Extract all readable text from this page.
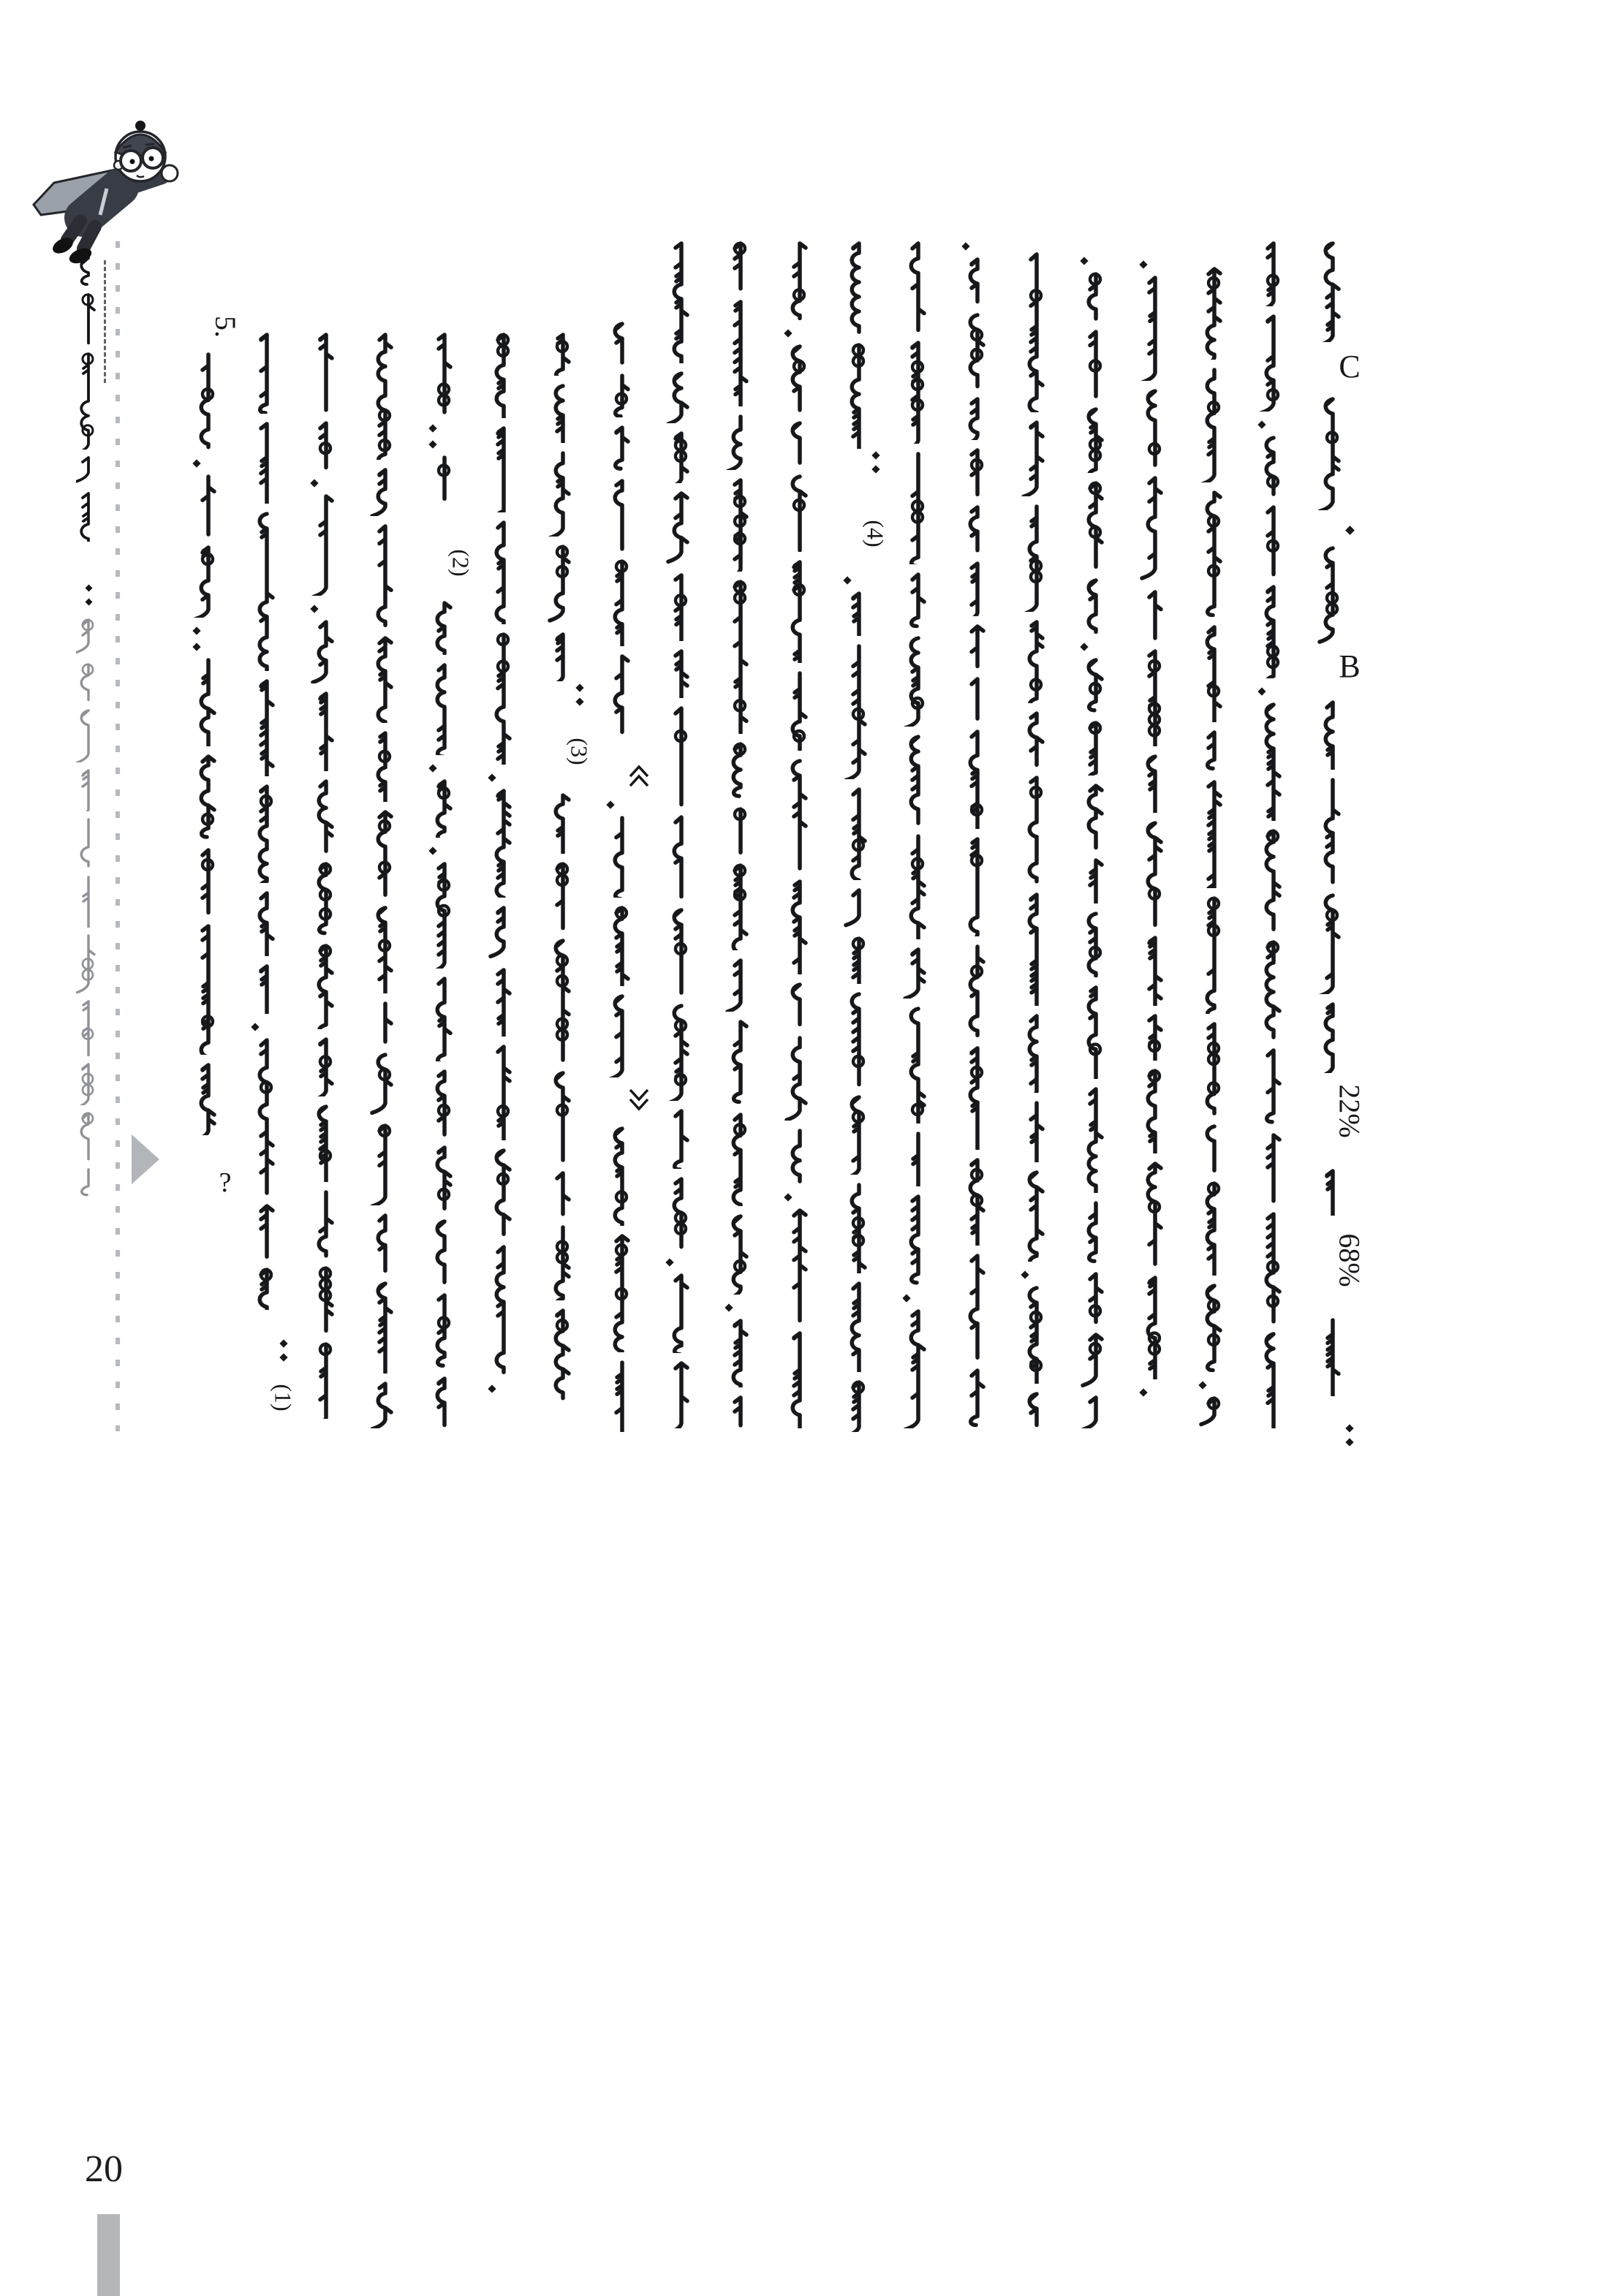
20
5.
?
(1)
(2)
(3)
(4)
C
B
22%
68%
